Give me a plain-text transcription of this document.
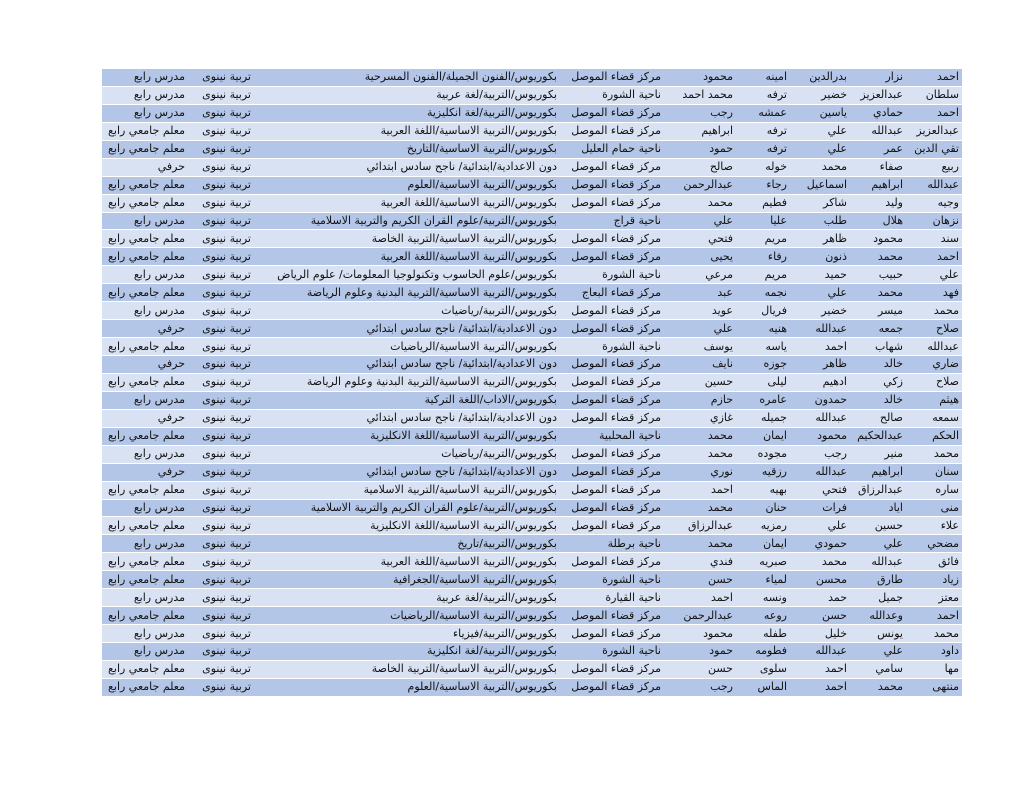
احمد	نزار	بدرالدين	امينه	محمود	مركز قضاء الموصل	بكوريوس/الفنون الجميلة/الفنون المسرحية	تربية نينوى	مدرس رابع
سلطان	عبدالعزيز	خضير	ترفه	محمد احمد	ناحية الشورة	بكوريوس/التربية/لغة عربية	تربية نينوى	مدرس رابع
احمد	حمادي	ياسين	عمشه	رجب	مركز قضاء الموصل	بكوريوس/التربية/لغة انكليزية	تربية نينوى	مدرس رابع
عبدالعزيز	عبدالله	علي	ترفه	ابراهيم	مركز قضاء الموصل	بكوريوس/التربية الاساسية/اللغة العربية	تربية نينوى	معلم جامعي رابع
تقي الدين	عمر	علي	ترفه	حمود	ناحية حمام العليل	بكوريوس/التربية الاساسية/التاريخ	تربية نينوى	معلم جامعي رابع
ربيع	صفاء	محمد	خوله	صالح	مركز قضاء الموصل	دون الاعدادية/ابتدائية/ ناجح سادس ابتدائي	تربية نينوى	حرفي
عبدالله	ابراهيم	اسماعيل	رجاء	عبدالرحمن	مركز قضاء الموصل	بكوريوس/التربية الاساسية/العلوم	تربية نينوى	معلم جامعي رابع
وجيه	وليد	شاكر	فطيم	محمد	مركز قضاء الموصل	بكوريوس/التربية الاساسية/اللغة العربية	تربية نينوى	معلم جامعي رابع
نزهان	هلال	طلب	عليا	علي	ناحية قراج	بكوريوس/التربية/علوم القران الكريم والتربية الاسلامية	تربية نينوى	مدرس رابع
سند	محمود	ظاهر	مريم	فتحي	مركز قضاء الموصل	بكوريوس/التربية الاساسية/التربية الخاصة	تربية نينوى	معلم جامعي رابع
احمد	محمد	ذنون	رفاء	يحيى	مركز قضاء الموصل	بكوريوس/التربية الاساسية/اللغة العربية	تربية نينوى	معلم جامعي رابع
علي	حبيب	حميد	مريم	مرعي	ناحية الشورة	بكوريوس/علوم الحاسوب وتكنولوجيا المعلومات/ علوم الرياض	تربية نينوى	مدرس رابع
فهد	محمد	علي	نجمه	عبد	مركز قضاء البعاج	بكوريوس/التربية الاساسية/التربية البدنية وعلوم الرياضة	تربية نينوى	معلم جامعي رابع
محمد	ميسر	خضير	فريال	عويد	مركز قضاء الموصل	بكوريوس/التربية/رياضيات	تربية نينوى	مدرس رابع
صلاح	جمعه	عبدالله	هنيه	علي	مركز قضاء الموصل	دون الاعدادية/ابتدائية/ ناجح سادس ابتدائي	تربية نينوى	حرفي
عبدالله	شهاب	احمد	ياسه	يوسف	ناحية الشورة	بكوريوس/التربية الاساسية/الرياضيات	تربية نينوى	معلم جامعي رابع
ضاري	خالد	ظاهر	جوزه	نايف	مركز قضاء الموصل	دون الاعدادية/ابتدائية/ ناجح سادس ابتدائي	تربية نينوى	حرفي
صلاح	زكي	ادهيم	ليلى	حسين	مركز قضاء الموصل	بكوريوس/التربية الاساسية/التربية البدنية وعلوم الرياضة	تربية نينوى	معلم جامعي رابع
هيثم	خالد	حمدون	عامره	حازم	مركز قضاء الموصل	بكوريوس/الاداب/اللغة التركية	تربية نينوى	مدرس رابع
سمعه	صالح	عبدالله	جميله	غازي	مركز قضاء الموصل	دون الاعدادية/ابتدائية/ ناجح سادس ابتدائي	تربية نينوى	حرفي
الحكم	عبدالحكيم	محمود	ايمان	محمد	ناحية المحلبية	بكوريوس/التربية الاساسية/اللغة الانكليزية	تربية نينوى	معلم جامعي رابع
محمد	منير	رجب	مجوده	محمد	مركز قضاء الموصل	بكوريوس/التربية/رياضيات	تربية نينوى	مدرس رابع
سنان	ابراهيم	عبدالله	رزقيه	نوري	مركز قضاء الموصل	دون الاعدادية/ابتدائية/ ناجح سادس ابتدائي	تربية نينوى	حرفي
ساره	عبدالرزاق	فتحي	بهيه	احمد	مركز قضاء الموصل	بكوريوس/التربية الاساسية/التربية الاسلامية	تربية نينوى	معلم جامعي رابع
منى	اياد	فرات	حنان	محمد	مركز قضاء الموصل	بكوريوس/التربية/علوم القران الكريم والتربية الاسلامية	تربية نينوى	مدرس رابع
علاء	حسين	علي	رمزيه	عبدالرزاق	مركز قضاء الموصل	بكوريوس/التربية الاساسية/اللغة الانكليزية	تربية نينوى	معلم جامعي رابع
مضحي	علي	حمودي	ايمان	محمد	ناحية برطلة	بكوريوس/التربية/تاريخ	تربية نينوى	مدرس رابع
فائق	عبدالله	محمد	صبريه	فندي	مركز قضاء الموصل	بكوريوس/التربية الاساسية/اللغة العربية	تربية نينوى	معلم جامعي رابع
زياد	طارق	محسن	لمياء	حسن	ناحية الشورة	بكوريوس/التربية الاساسية/الجغرافية	تربية نينوى	معلم جامعي رابع
معتز	جميل	حمد	ونسه	احمد	ناحية القيارة	بكوريوس/التربية/لغة عربية	تربية نينوى	مدرس رابع
احمد	وعدالله	حسن	روعه	عبدالرحمن	مركز قضاء الموصل	بكوريوس/التربية الاساسية/الرياضيات	تربية نينوى	معلم جامعي رابع
محمد	يونس	خليل	طفله	محمود	مركز قضاء الموصل	بكوريوس/التربية/فيزياء	تربية نينوى	مدرس رابع
داود	علي	عبدالله	فطومه	حمود	ناحية الشورة	بكوريوس/التربية/لغة انكليزية	تربية نينوى	مدرس رابع
مها	سامي	احمد	سلوى	حسن	مركز قضاء الموصل	بكوريوس/التربية الاساسية/التربية الخاصة	تربية نينوى	معلم جامعي رابع
منتهى	محمد	احمد	الماس	رجب	مركز قضاء الموصل	بكوريوس/التربية الاساسية/العلوم	تربية نينوى	معلم جامعي رابع
